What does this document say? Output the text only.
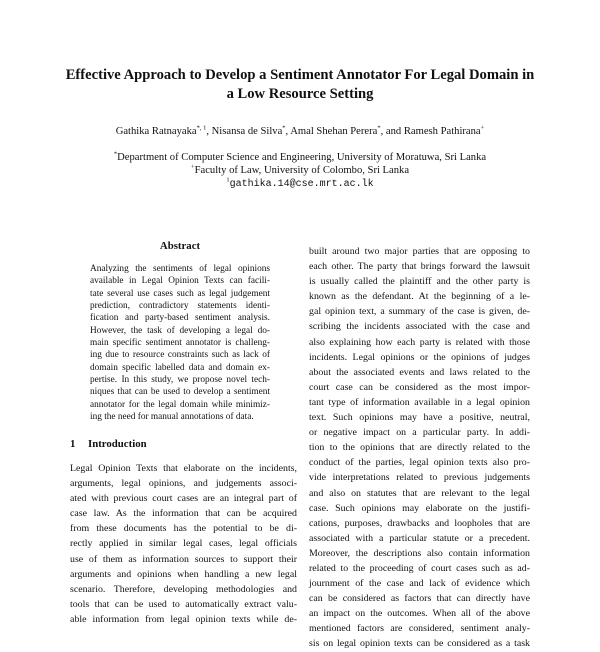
Effective Approach to Develop a Sentiment Annotator For Legal Domain in
a Low Resource Setting
Gathika Ratnayaka$^{*, 1}$, Nisansa de Silva*, Amal Shehan Perera*, and Ramesh Pathirana+
*Department of Computer Science and Engineering, University of Moratuwa, Sri Lanka
+Faculty of Law, University of Colombo, Sri Lanka
$^1$gathika.14@cse.mrt.ac.lk
Abstract
Analyzing the sentiments of legal opinions
available in Legal Opinion Texts can facili-
tate several use cases such as legal judgement
prediction, contradictory statements identi-
fication and party-based sentiment analysis.
However, the task of developing a legal do-
main specific sentiment annotator is challeng-
ing due to resource constraints such as lack of
domain specific labelled data and domain ex-
pertise. In this study, we propose novel tech-
niques that can be used to develop a sentiment
annotator for the legal domain while minimiz-
ing the need for manual annotations of data.
1 Introduction
Legal Opinion Texts that elaborate on the incidents,
arguments, legal opinions, and judgements associ-
ated with previous court cases are an integral part of
case law. As the information that can be acquired
from these documents has the potential to be di-
rectly applied in similar legal cases, legal officials
use of them as information sources to support their
arguments and opinions when handling a new legal
scenario. Therefore, developing methodologies and
tools that can be used to automatically extract valu-
able information from legal opinion texts while de-
built around two major parties that are opposing to
each other. The party that brings forward the lawsuit
is usually called the plaintiff and the other party is
known as the defendant. At the beginning of a le-
gal opinion text, a summary of the case is given, de-
scribing the incidents associated with the case and
also explaining how each party is related with those
incidents. Legal opinions or the opinions of judges
about the associated events and laws related to the
court case can be considered as the most impor-
tant type of information available in a legal opinion
text. Such opinions may have a positive, neutral,
or negative impact on a particular party. In addi-
tion to the opinions that are directly related to the
conduct of the parties, legal opinion texts also pro-
vide interpretations related to previous judgements
and also on statutes that are relevant to the legal
case. Such opinions may elaborate on the justifi-
cations, purposes, drawbacks and loopholes that are
associated with a particular statute or a precedent.
Moreover, the descriptions also contain information
related to the proceeding of court cases such as ad-
journment of the case and lack of evidence which
can be considered as factors that can directly have
an impact on the outcomes. When all of the above
mentioned factors are considered, sentiment analy-
sis on legal opinion texts can be considered as a task
